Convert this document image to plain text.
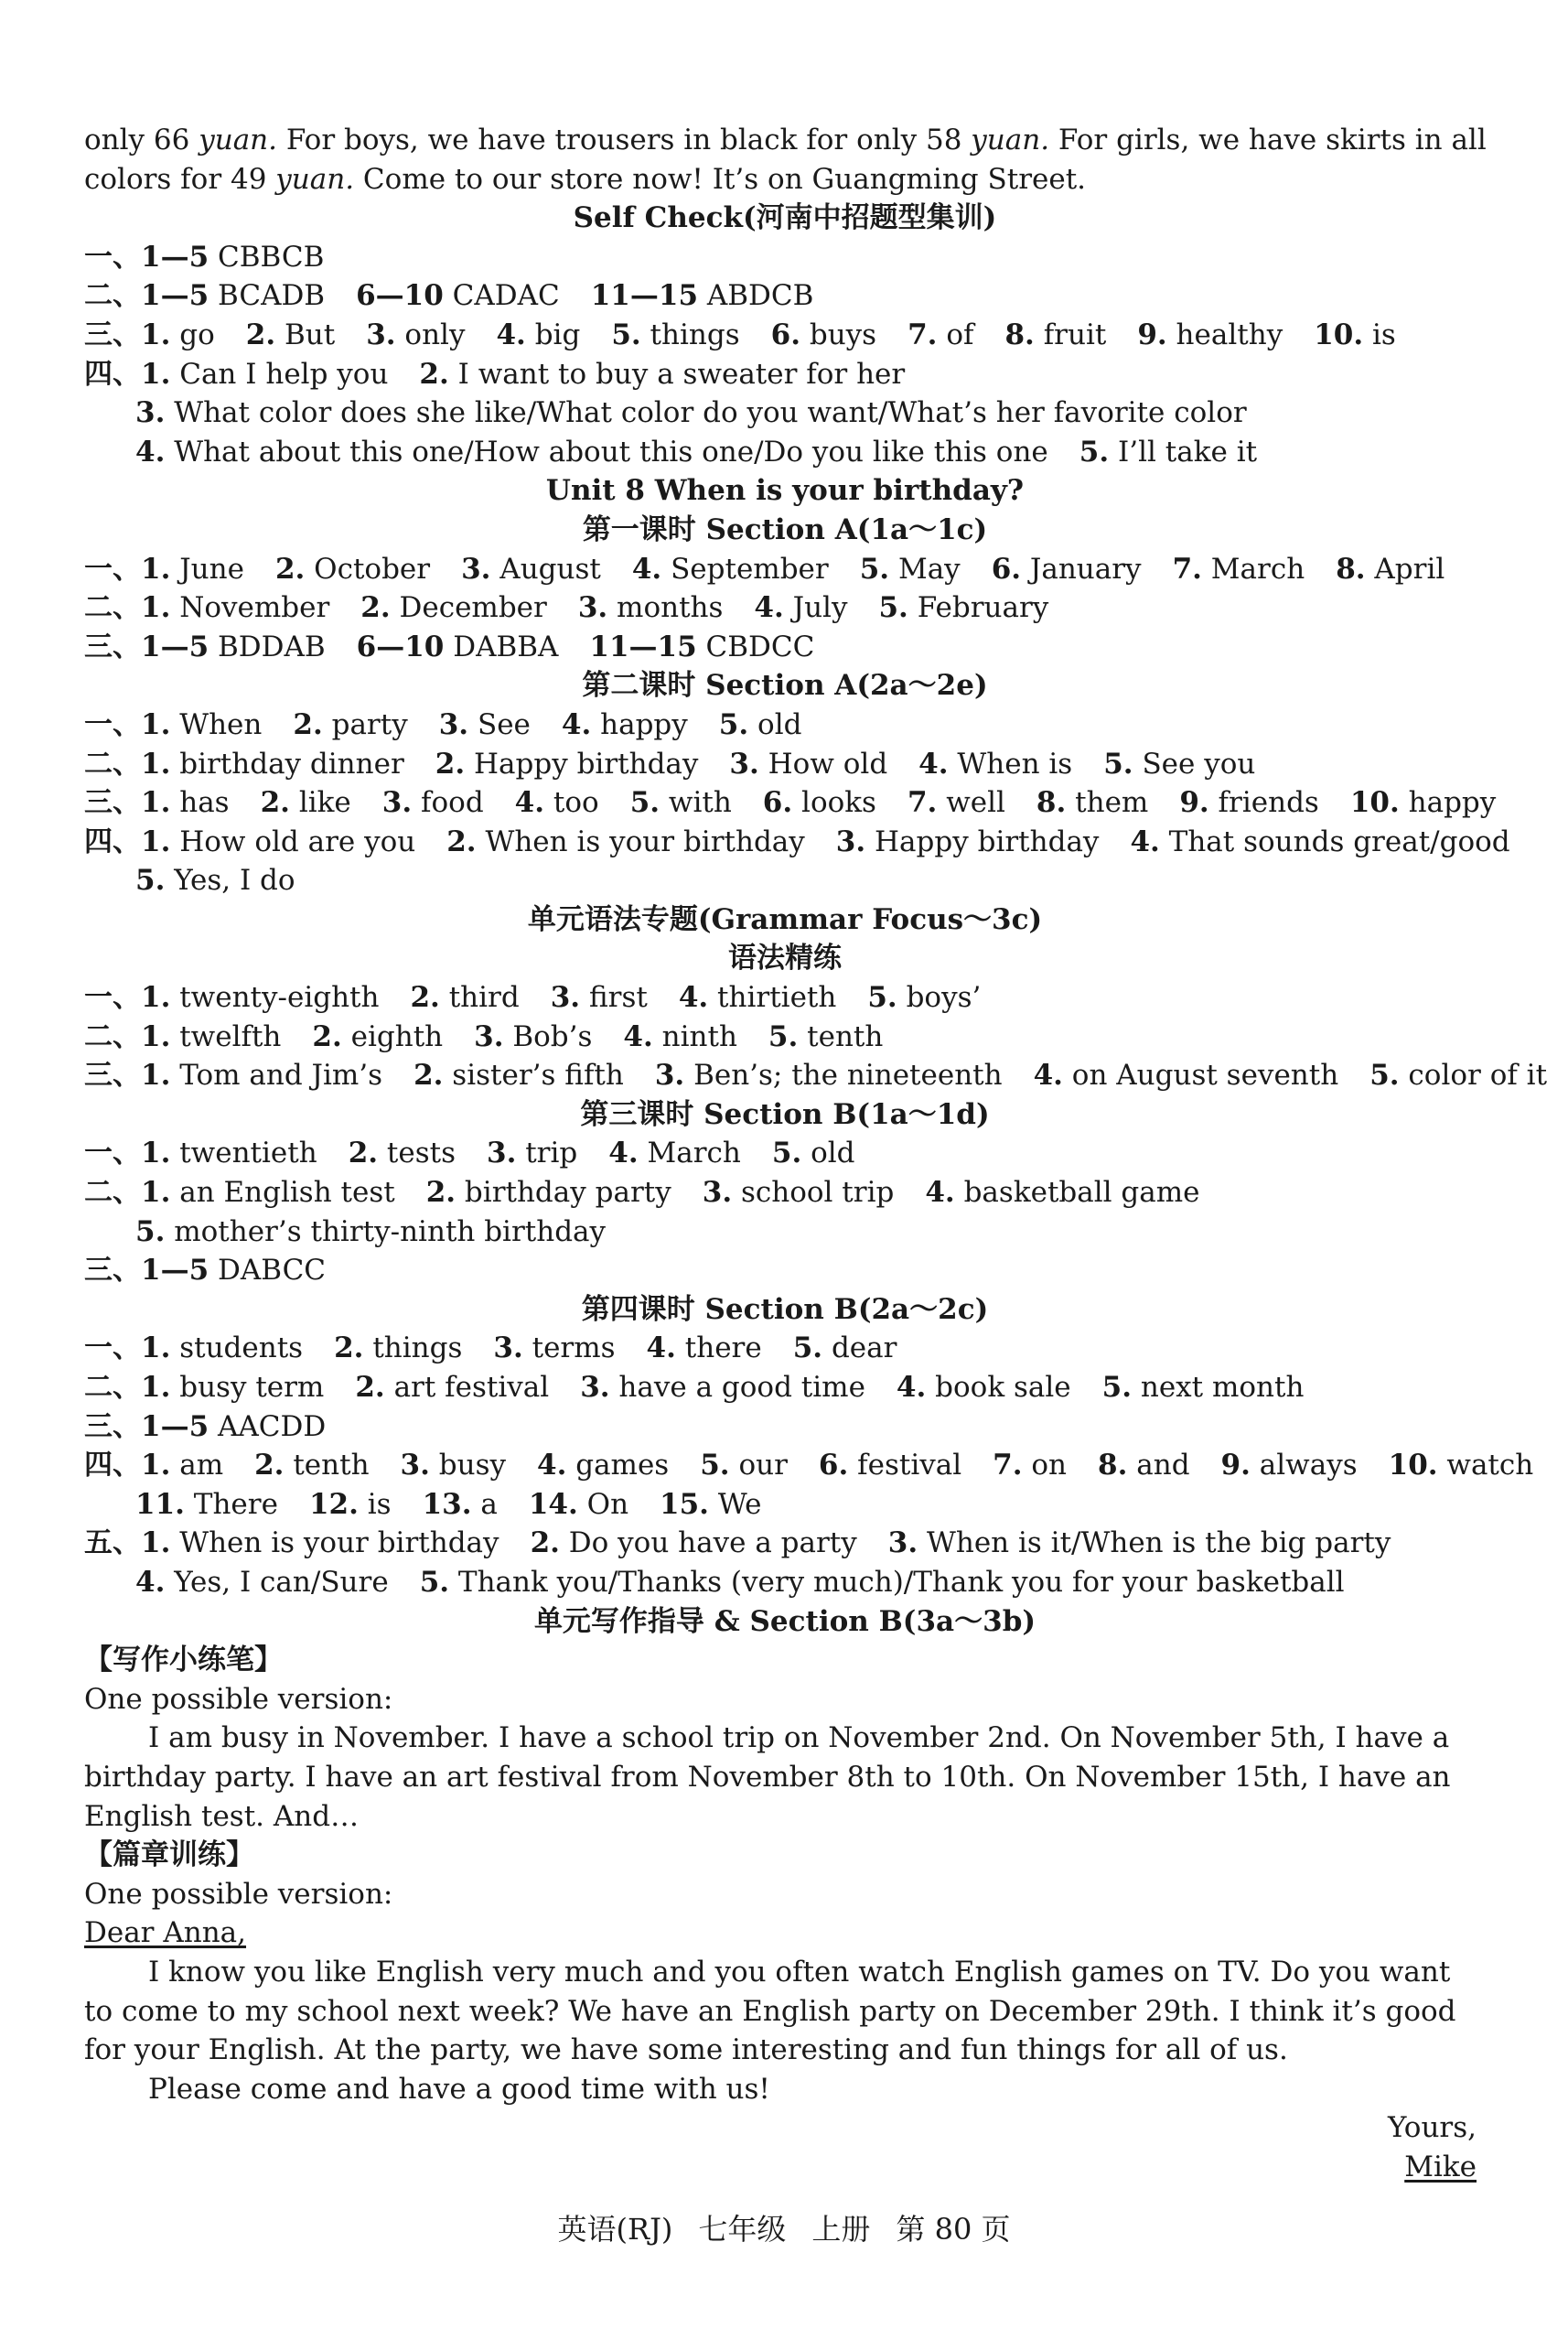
only 66 yuan. For boys, we have trousers in black for only 58 yuan. For girls, we have skirts in all
colors for 49 yuan. Come to our store now! It’s on Guangming Street.
Self Check(河南中招题型集训)
一、1—5 CBBCB
二、1—5 BCADB 6—10 CADAC 11—15 ABDCB
三、1. go 2. But 3. only 4. big 5. things 6. buys 7. of 8. fruit 9. healthy 10. is
四、1. Can I help you 2. I want to buy a sweater for her
3. What color does she like/What color do you want/What’s her favorite color
4. What about this one/How about this one/Do you like this one 5. I’ll take it
Unit 8 When is your birthday?
第一课时 Section A(1a～1c)
一、1. June 2. October 3. August 4. September 5. May 6. January 7. March 8. April
二、1. November 2. December 3. months 4. July 5. February
三、1—5 BDDAB 6—10 DABBA 11—15 CBDCC
第二课时 Section A(2a～2e)
一、1. When 2. party 3. See 4. happy 5. old
二、1. birthday dinner 2. Happy birthday 3. How old 4. When is 5. See you
三、1. has 2. like 3. food 4. too 5. with 6. looks 7. well 8. them 9. friends 10. happy
四、1. How old are you 2. When is your birthday 3. Happy birthday 4. That sounds great/good
5. Yes, I do
单元语法专题(Grammar Focus～3c)
语法精练
一、1. twenty-eighth 2. third 3. first 4. thirtieth 5. boys’
二、1. twelfth 2. eighth 3. Bob’s 4. ninth 5. tenth
三、1. Tom and Jim’s 2. sister’s fifth 3. Ben’s; the nineteenth 4. on August seventh 5. color of it
第三课时 Section B(1a～1d)
一、1. twentieth 2. tests 3. trip 4. March 5. old
二、1. an English test 2. birthday party 3. school trip 4. basketball game
5. mother’s thirty-ninth birthday
三、1—5 DABCC
第四课时 Section B(2a～2c)
一、1. students 2. things 3. terms 4. there 5. dear
二、1. busy term 2. art festival 3. have a good time 4. book sale 5. next month
三、1—5 AACDD
四、1. am 2. tenth 3. busy 4. games 5. our 6. festival 7. on 8. and 9. always 10. watch
11. There 12. is 13. a 14. On 15. We
五、1. When is your birthday 2. Do you have a party 3. When is it/When is the big party
4. Yes, I can/Sure 5. Thank you/Thanks (very much)/Thank you for your basketball
单元写作指导 & Section B(3a～3b)
【写作小练笔】
One possible version:
I am busy in November. I have a school trip on November 2nd. On November 5th, I have a birthday party. I have an art festival from November 8th to 10th. On November 15th, I have an English test. And…
【篇章训练】
One possible version:
Dear Anna,
I know you like English very much and you often watch English games on TV. Do you want to come to my school next week? We have an English party on December 29th. I think it’s good for your English. At the party, we have some interesting and fun things for all of us.
Please come and have a good time with us!
Yours,
Mike
英语(RJ) 七年级 上册 第 80 页
